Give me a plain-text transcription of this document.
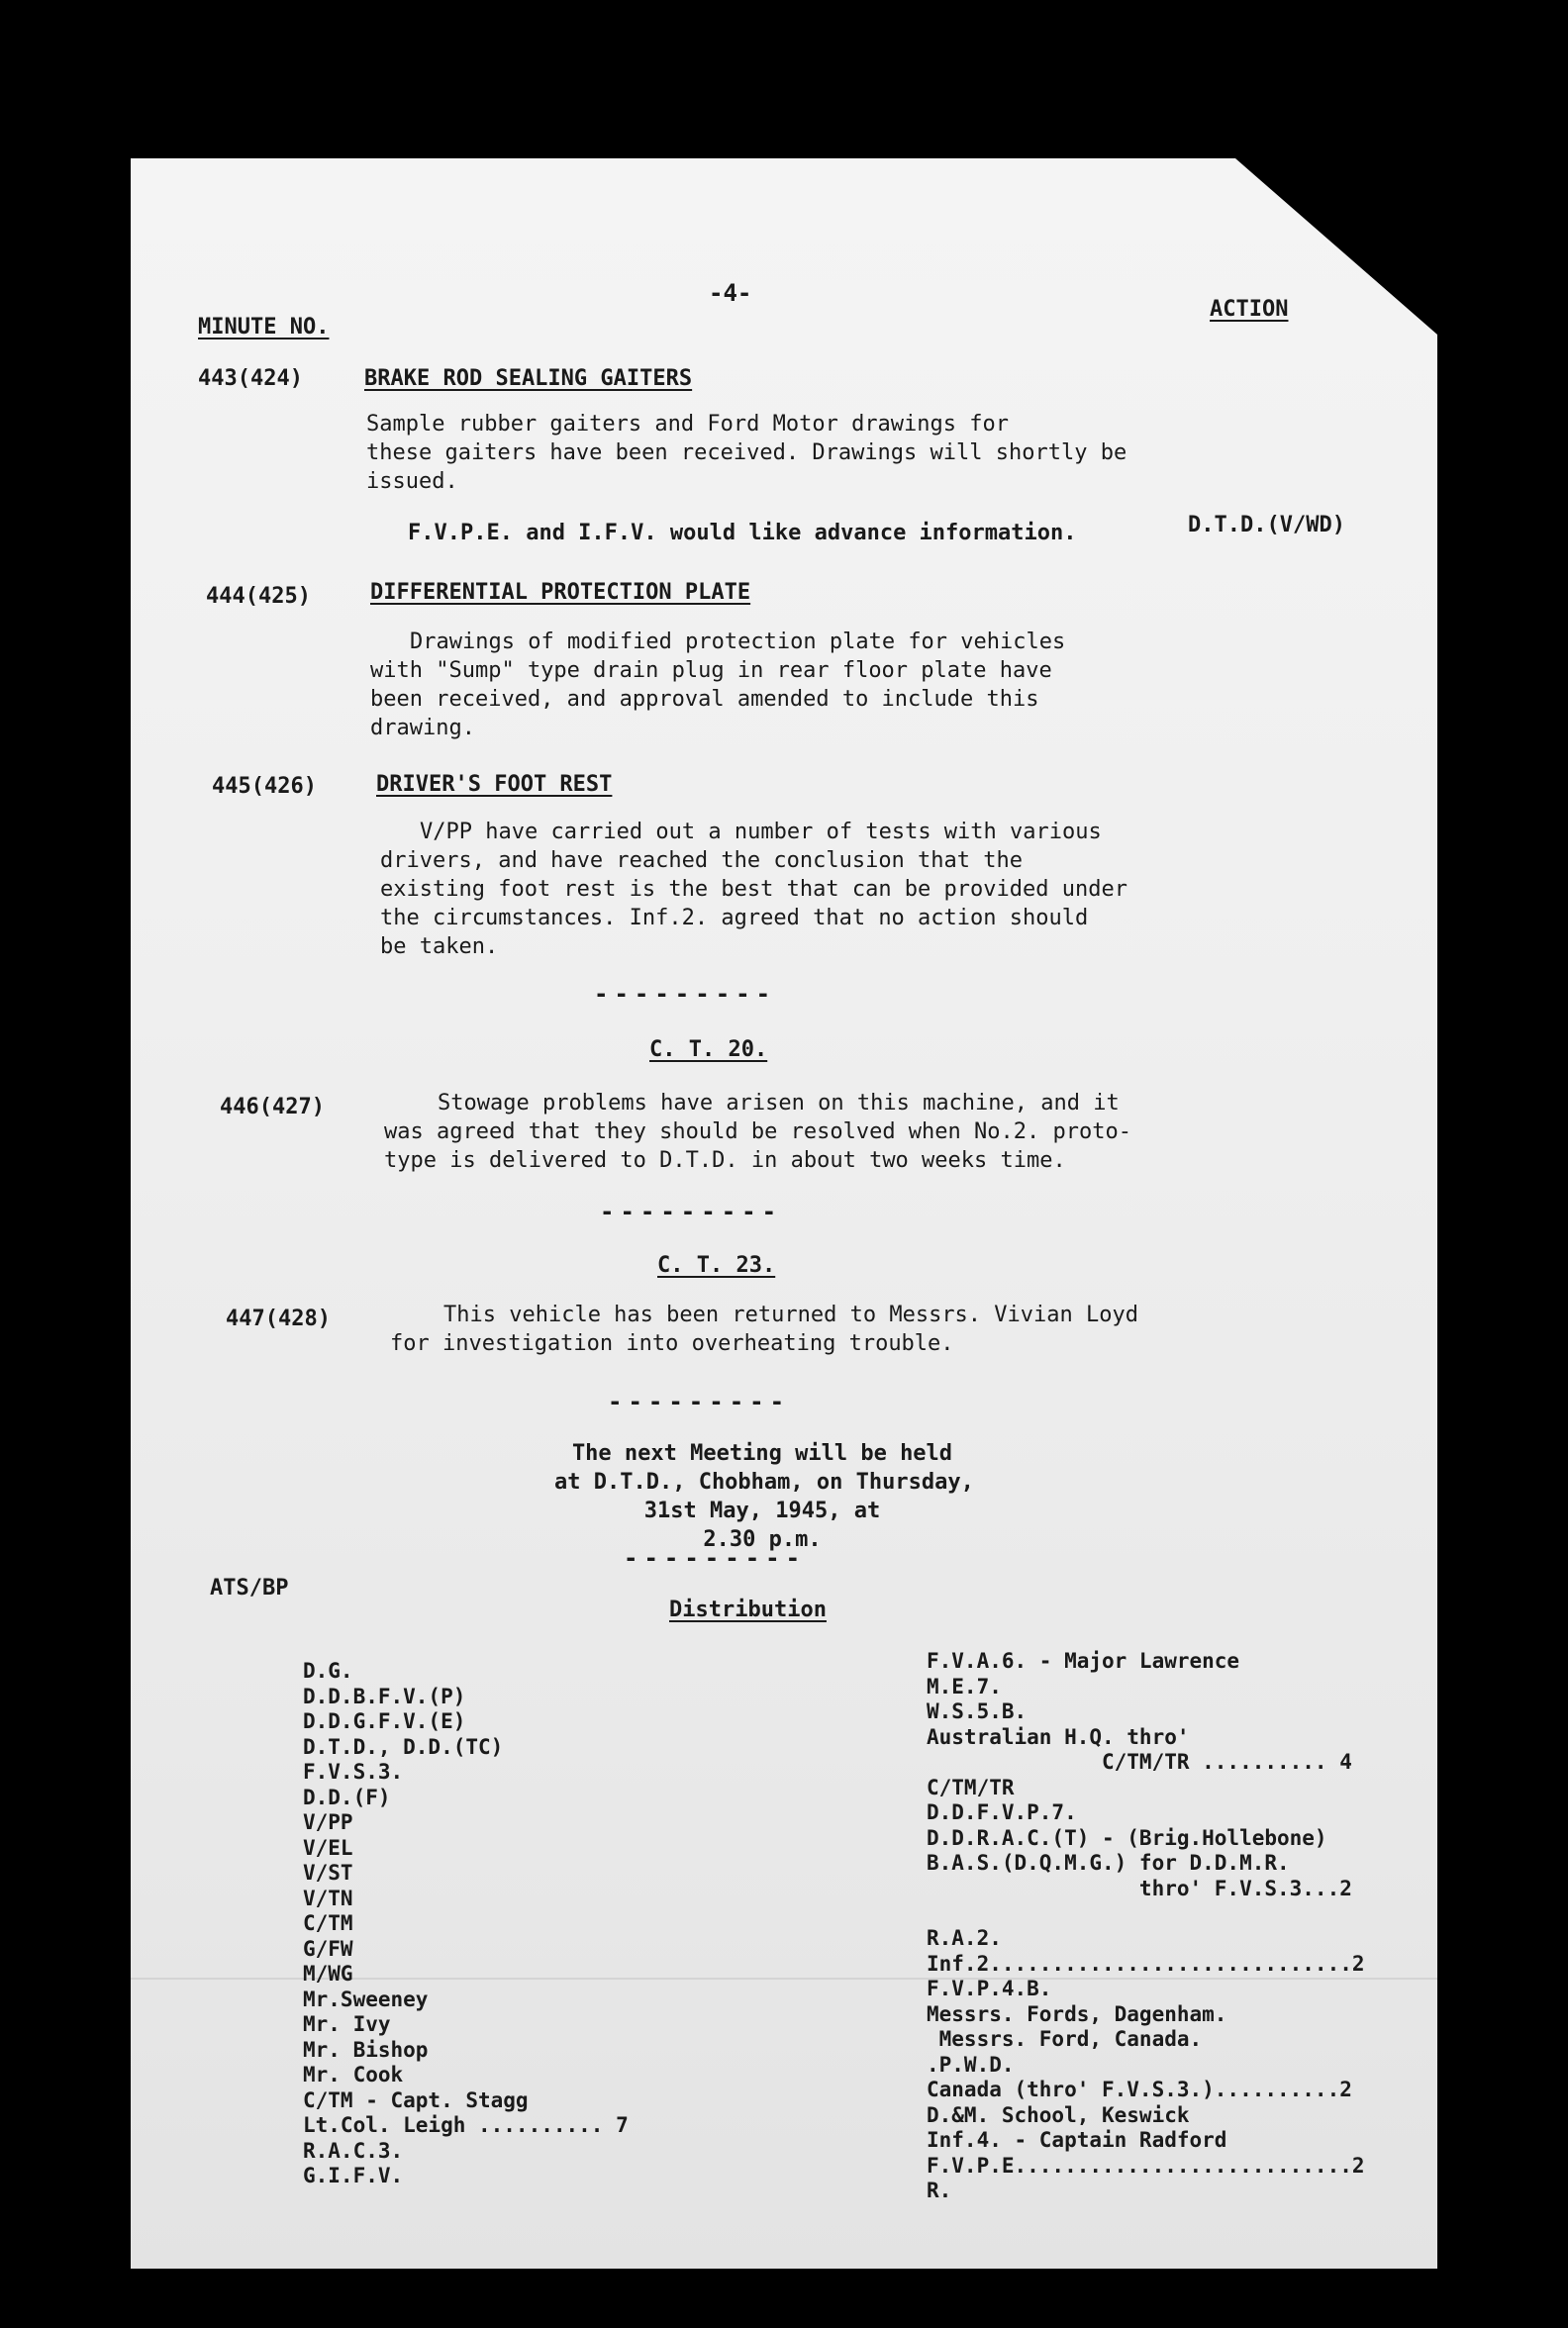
-4-
MINUTE NO.
ACTION
443(424)	BRAKE ROD SEALING GAITERS
Sample rubber gaiters and Ford Motor drawings for
these gaiters have been received. Drawings will shortly be
issued.
F.V.P.E. and I.F.V. would like advance information.	D.T.D.(V/WD)
444(425)	DIFFERENTIAL PROTECTION PLATE
Drawings of modified protection plate for vehicles
with "Sump" type drain plug in rear floor plate have
been received, and approval amended to include this
drawing.
445(426)	DRIVER'S FOOT REST
V/PP have carried out a number of tests with various
drivers, and have reached the conclusion that the
existing foot rest is the best that can be provided under
the circumstances. Inf.2. agreed that no action should
be taken.
---------
C. T. 20.
446(427)	Stowage problems have arisen on this machine, and it
was agreed that they should be resolved when No.2. proto-
type is delivered to D.T.D. in about two weeks time.
---------
C. T. 23.
447(428)	This vehicle has been returned to Messrs. Vivian Loyd
for investigation into overheating trouble.
---------
The next Meeting will be held
at D.T.D., Chobham, on Thursday,
31st May, 1945, at
2.30 p.m.
---------
ATS/BP
Distribution
D.G.
D.D.B.F.V.(P)
D.D.G.F.V.(E)
D.T.D., D.D.(TC)
F.V.S.3.
D.D.(F)
V/PP
V/EL
V/ST
V/TN
C/TM
G/FW
M/WG
Mr.Sweeney
Mr. Ivy
Mr. Bishop
Mr. Cook
C/TM - Capt. Stagg
Lt.Col. Leigh .......... 7
R.A.C.3.
G.I.F.V.
F.V.A.6. - Major Lawrence
M.E.7.
W.S.5.B.
Australian H.Q. thro'
C/TM/TR .......... 4
C/TM/TR
D.D.F.V.P.7.
D.D.R.A.C.(T) - (Brig.Hollebone)
B.A.S.(D.Q.M.G.) for D.D.M.R.
thro' F.V.S.3...2
R.A.2.
Inf.2.............................2
F.V.P.4.B.
Messrs. Fords, Dagenham.
Messrs. Ford, Canada.
.P.W.D.
Canada (thro' F.V.S.3.)..........2
D.&M. School, Keswick
Inf.4. - Captain Radford
F.V.P.E...........................2
R.
